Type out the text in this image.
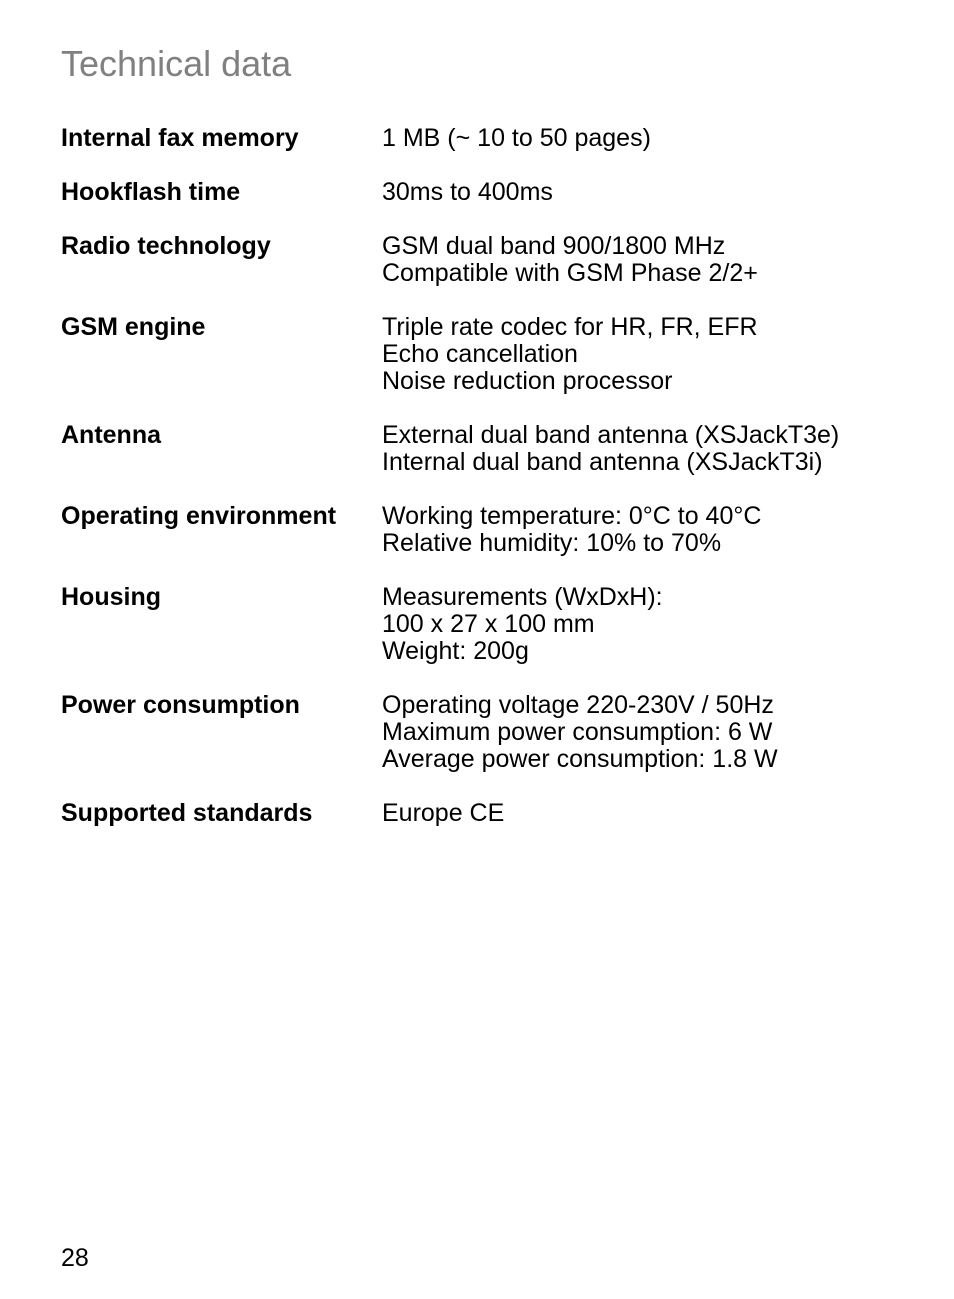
Technical data
Internal fax memory	1 MB (~ 10 to 50 pages)
Hookflash time	30ms to 400ms
Radio technology	GSM dual band 900/1800 MHz
Compatible with GSM Phase 2/2+
GSM engine	Triple rate codec for HR, FR, EFR
Echo cancellation
Noise reduction processor
Antenna	External dual band antenna (XSJackT3e)
Internal dual band antenna (XSJackT3i)
Operating environment	Working temperature: 0°C to 40°C
Relative humidity: 10% to 70%
Housing	Measurements (WxDxH):
100 x 27 x 100 mm
Weight: 200g
Power consumption	Operating voltage 220-230V / 50Hz
Maximum power consumption: 6 W
Average power consumption: 1.8 W
Supported standards	Europe CE
28
